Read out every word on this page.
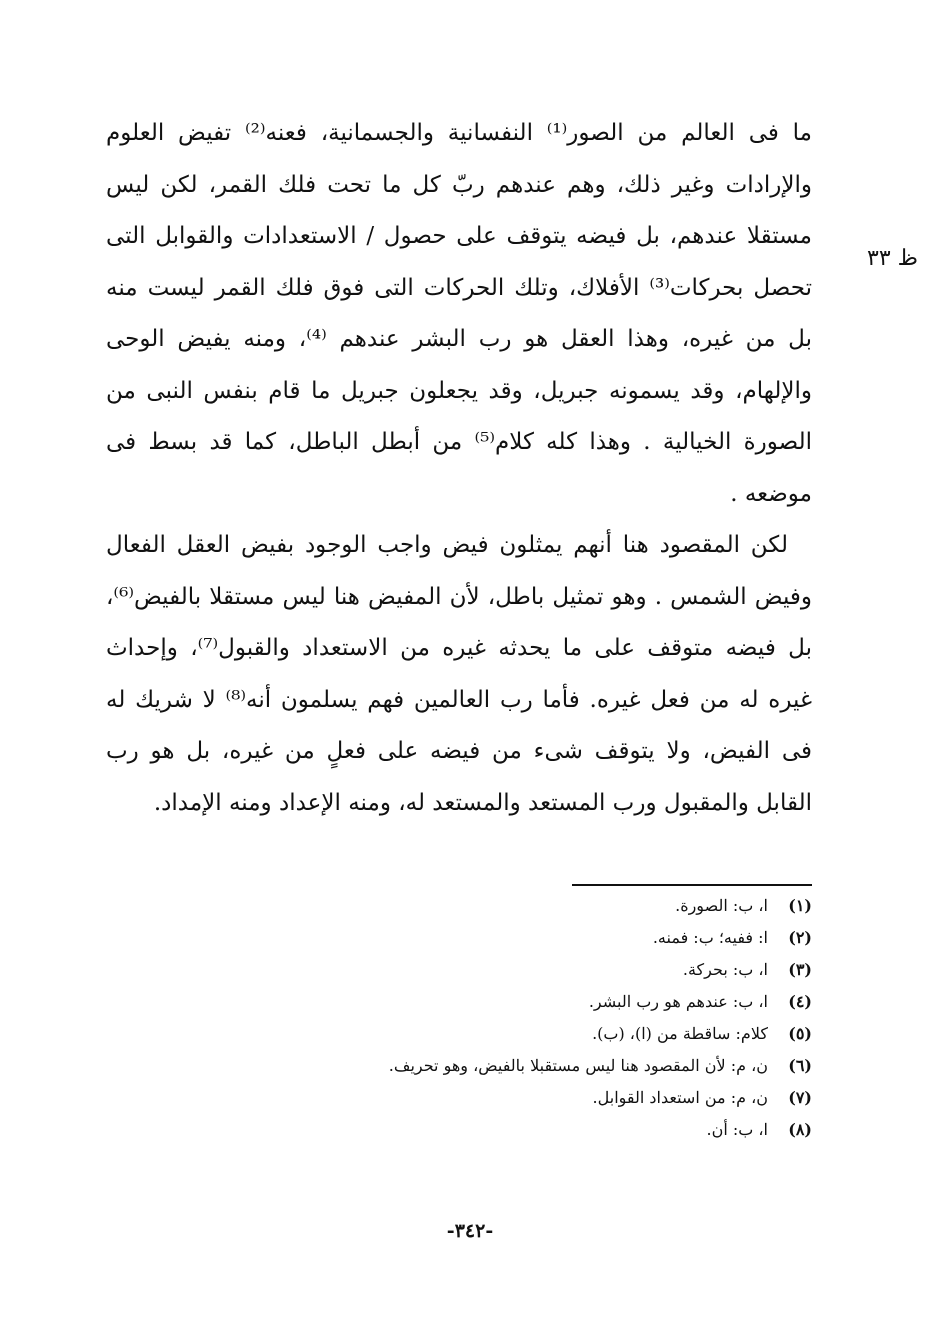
ظ ٣٣

ما فى العالم من الصور⁽¹⁾ النفسانية والجسمانية، فعنه⁽²⁾ تفيض العلوم والإرادات وغير ذلك، وهم عندهم ربّ كل ما تحت فلك القمر، لكن ليس مستقلا عندهم، بل فيضه يتوقف على حصول / الاستعدادات والقوابل التى تحصل بحركات⁽³⁾ الأفلاك، وتلك الحركات التى فوق فلك القمر ليست منه بل من غيره، وهذا العقل هو رب البشر عندهم ⁽⁴⁾، ومنه يفيض الوحى والإلهام، وقد يسمونه جبريل، وقد يجعلون جبريل ما قام بنفس النبى من الصورة الخيالية . وهذا كله كلام⁽⁵⁾ من أبطل الباطل، كما قد بسط فى موضعه .

لكن المقصود هنا أنهم يمثلون فيض واجب الوجود بفيض العقل الفعال وفيض الشمس . وهو تمثيل باطل، لأن المفيض هنا ليس مستقلا بالفيض⁽⁶⁾، بل فيضه متوقف على ما يحدثه غيره من الاستعداد والقبول⁽⁷⁾، وإحداث غيره له من فعل غيره. فأما رب العالمين فهم يسلمون أنه⁽⁸⁾ لا شريك له فى الفيض، ولا يتوقف شىء من فيضه على فعلٍ من غيره، بل هو رب القابل والمقبول ورب المستعد والمستعد له، ومنه الإعداد ومنه الإمداد.

(١)
ا، ب: الصورة.
(٢)
ا: ففيه؛ ب: فمنه.
(٣)
ا، ب: بحركة.
(٤)
ا، ب: عندهم هو رب البشر.
(٥)
كلام: ساقطة من (ا)، (ب).
(٦)
ن، م: لأن المقصود هنا ليس مستقبلا بالفيض، وهو تحريف.
(٧)
ن، م: من استعداد القوابل.
(٨)
ا، ب: أن.
-٣٤٢-
